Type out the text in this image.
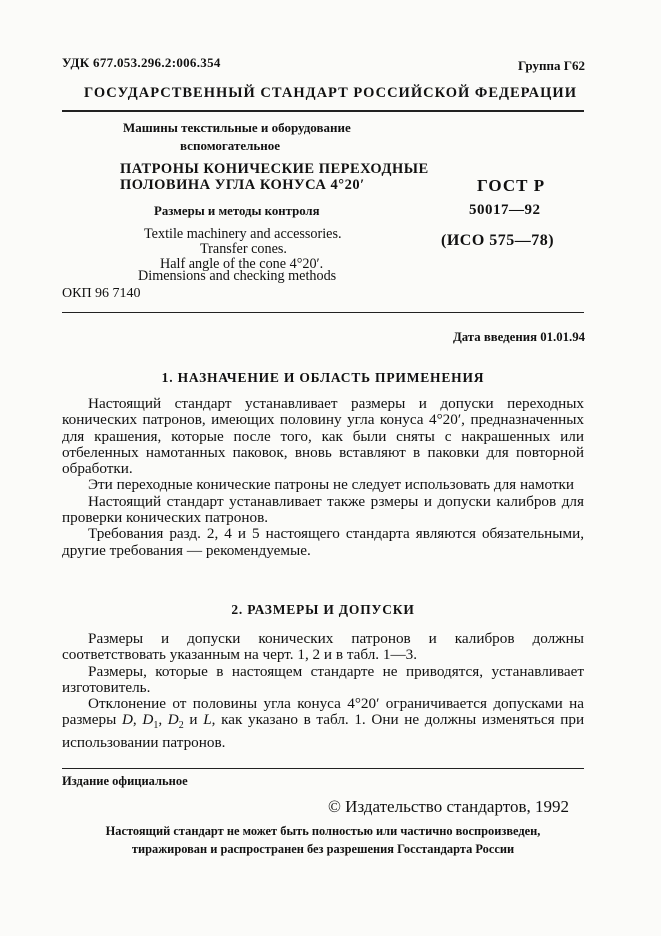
УДК 677.053.296.2:006.354	Группа Г62
ГОСУДАРСТВЕННЫЙ СТАНДАРТ РОССИЙСКОЙ ФЕДЕРАЦИИ
Машины текстильные и оборудование
вспомогательное
ПАТРОНЫ КОНИЧЕСКИЕ ПЕРЕХОДНЫЕ
ПОЛОВИНА УГЛА КОНУСА 4°20′
Размеры и методы контроля
Textile machinery and accessories.
Transfer cones.
Half angle of the cone 4°20′.
Dimensions and checking methods
ОКП 96 7140
ГОСТ Р
50017—92
(ИСО 575—78)
Дата введения 01.01.94
1. НАЗНАЧЕНИЕ И ОБЛАСТЬ ПРИМЕНЕНИЯ

Настоящий стандарт устанавливает размеры и допуски переходных конических патронов, имеющих половину угла конуса 4°20′, предназначенных для крашения, которые после того, как были сняты с накрашенных или отбеленных намотанных паковок, вновь вставляют в паковки для повторной обработки.

Эти переходные конические патроны не следует использовать для намотки

Настоящий стандарт устанавливает также рзмеры и допуски калибров для проверки конических патронов.

Требования разд. 2, 4 и 5 настоящего стандарта являются обязательными, другие требования — рекомендуемые.

2. РАЗМЕРЫ И ДОПУСКИ

Размеры и допуски конических патронов и калибров должны соответствовать указанным на черт. 1, 2 и в табл. 1—3.

Размеры, которые в настоящем стандарте не приводятся, устанавливает изготовитель.

Отклонение от половины угла конуса 4°20′ ограничивается допусками на размеры D, $D_1$, $D_2$ и L, как указано в табл. 1. Они не должны изменяться при использовании патронов.

Издание официальное
© Издательство стандартов, 1992
Настоящий стандарт не может быть полностью или частично воспроизведен,
тиражирован и распространен без разрешения Госстандарта России
